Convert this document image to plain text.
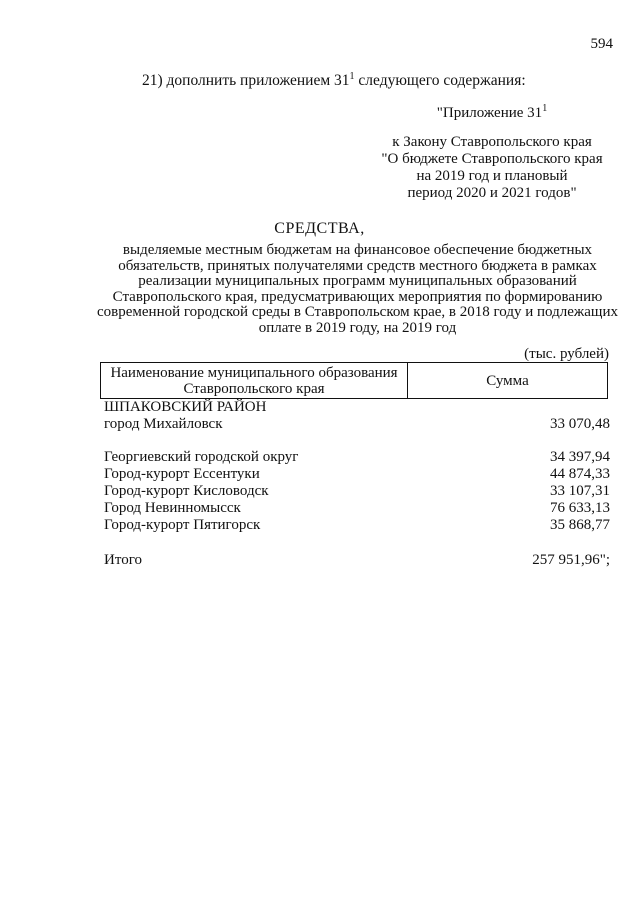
594
21) дополнить приложением $31^1$ следующего содержания:
"Приложение $31^1$
к Закону Ставропольского края
"О бюджете Ставропольского края
на 2019 год и плановый
период 2020 и 2021 годов"
СРЕДСТВА,
выделяемые местным бюджетам на финансовое обеспечение бюджетных обязательств, принятых получателями средств местного бюджета в рамках реализации муниципальных программ муниципальных образований Ставропольского края, предусматривающих мероприятия по формированию современной городской среды в Ставропольском крае, в 2018 году и подлежащих оплате в 2019 году, на 2019 год
(тыс. рублей)
Наименование муниципального образования Ставропольского края	Сумма
ШПАКОВСКИЙ РАЙОН
город Михайловск	33 070,48
Георгиевский городской округ	34 397,94
Город-курорт Ессентуки	44 874,33
Город-курорт Кисловодск	33 107,31
Город Невинномысск	76 633,13
Город-курорт Пятигорск	35 868,77
Итого	257 951,96";
